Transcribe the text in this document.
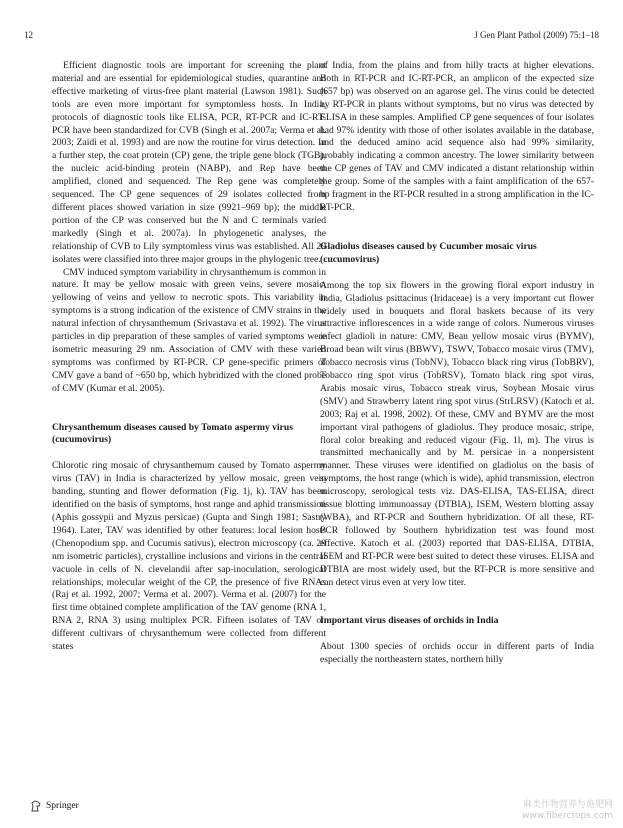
12	J Gen Plant Pathol (2009) 75:1–18

Efficient diagnostic tools are important for screening the plant material and are essential for epidemiological studies, quarantine and effective marketing of virus-free plant material (Lawson 1981). Such tools are even more important for symptomless hosts. In India, protocols of diagnostic tools like ELISA, PCR, RT-PCR and IC-RT-PCR have been standardized for CVB (Singh et al. 2007a; Verma et al. 2003; Zaidi et al. 1993) and are now the routine for virus detection. In a further step, the coat protein (CP) gene, the triple gene block (TGB), the nucleic acid-binding protein (NABP), and Rep have been amplified, cloned and sequenced. The Rep gene was completely sequenced. The CP gene sequences of 29 isolates collected from different places showed variation in size (9921–969 bp); the middle portion of the CP was conserved but the N and C terminals varied markedly (Singh et al. 2007a). In phylogenetic analyses, the relationship of CVB to Lily symptomless virus was established. All 29 isolates were classified into three major groups in the phylogenic tree.

CMV induced symptom variability in chrysanthemum is common in nature. It may be yellow mosaic with green veins, severe mosaic, yellowing of veins and yellow to necrotic spots. This variability in symptoms is a strong indication of the existence of CMV strains in the natural infection of chrysanthemum (Srivastava et al. 1992). The virus particles in dip preparation of these samples of varied symptoms were isometric measuring 29 nm. Association of CMV with these varied symptoms was confirmed by RT-PCR. CP gene-specific primers of CMV gave a band of ~650 bp, which hybridized with the cloned probe of CMV (Kumar et al. 2005).

Chrysanthemum diseases caused by Tomato aspermy virus (cucumovirus)

Chlorotic ring mosaic of chrysanthemum caused by Tomato aspermy virus (TAV) in India is characterized by yellow mosaic, green vein banding, stunting and flower deformation (Fig. 1j, k). TAV has been identified on the basis of symptoms, host range and aphid transmission (Aphis gossypii and Myzus persicae) (Gupta and Singh 1981; Sastry 1964). Later, TAV was identified by other features: local lesion hosts (Chenopodium spp. and Cucumis sativus), electron microscopy (ca. 29 nm isometric particles), crystalline inclusions and virions in the central vacuole in cells of N. clevelandii after sap-inoculation, serological relationships, molecular weight of the CP, the presence of five RNAs (Raj et al. 1992, 2007; Verma et al. 2007). Verma et al. (2007) for the first time obtained complete amplification of the TAV genome (RNA 1, RNA 2, RNA 3) using multiplex PCR. Fifteen isolates of TAV on different cultivars of chrysanthemum were collected from different states

of India, from the plains and from hilly tracts at higher elevations. Both in RT-PCR and IC-RT-PCR, an amplicon of the expected size (657 bp) was observed on an agarose gel. The virus could be detected by RT-PCR in plants without symptoms, but no virus was detected by ELISA in these samples. Amplified CP gene sequences of four isolates had 97% identity with those of other isolates available in the database, and the deduced amino acid sequence also had 99% similarity, probably indicating a common ancestry. The lower similarity between the CP genes of TAV and CMV indicated a distant relationship within the group. Some of the samples with a faint amplification of the 657-bp fragment in the RT-PCR resulted in a strong amplification in the IC-RT-PCR.

Gladiolus diseases caused by Cucumber mosaic virus (cucumovirus)

Among the top six flowers in the growing floral export industry in India, Gladiolus psittacinus (Iridaceae) is a very important cut flower widely used in bouquets and floral baskets because of its very attractive inflorescences in a wide range of colors. Numerous viruses infect gladioli in nature: CMV, Bean yellow mosaic virus (BYMV), Broad bean wilt virus (BBWV), TSWV, Tobacco mosaic virus (TMV), Tobacco necrosis virus (TobNV), Tobacco black ring virus (TobBRV), Tobacco ring spot virus (TobRSV), Tomato black ring spot virus, Arabis mosaic virus, Tobacco streak virus, Soybean Mosaic virus (SMV) and Strawberry latent ring spot virus (StrLRSV) (Katoch et al. 2003; Raj et al. 1998, 2002). Of these, CMV and BYMV are the most important viral pathogens of gladiolus. They produce mosaic, stripe, floral color breaking and reduced vigour (Fig. 1l, m). The virus is transmitted mechanically and by M. persicae in a nonpersistent manner. These viruses were identified on gladiolus on the basis of symptoms, the host range (which is wide), aphid transmission, electron microscopy, serological tests viz. DAS-ELISA, TAS-ELISA, direct tissue blotting immunoassay (DTBIA), ISEM, Western blotting assay (WBA), and RT-PCR and Southern hybridization. Of all these, RT-PCR followed by Southern hybridization test was found most effective. Katoch et al. (2003) reported that DAS-ELISA, DTBIA, ISEM and RT-PCR were best suited to detect these viruses. ELISA and DTBIA are most widely used, but the RT-PCR is more sensitive and can detect virus even at very low titer.

Important virus diseases of orchids in India

About 1300 species of orchids occur in different parts of India especially the northeastern states, northern hilly

Springer	麻类作物营养与施肥网
www.fibercrops.com
